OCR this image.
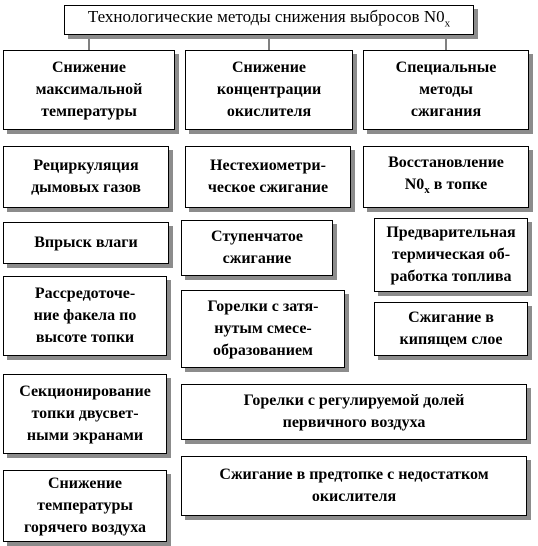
Технологические методы снижения выбросов $N0_x$
Снижение
максимальной
температуры
Снижение
концентрации
окислителя
Специальные
методы
сжигания
Рециркуляция
дымовых газов
Нестехиометри-
ческое сжигание
Восстановление
$N0_x$ в топке
Впрыск влаги	Ступенчатое
сжигание
Предварительная
термическая об-
работка топлива
Рассредоточе-
ние факела по
высоте топки
Горелки с затя-
нутым смесе-
образованием
Сжигание в
кипящем слое
Секционирование
топки двусвет-
ными экранами
Горелки с регулируемой долей
первичного воздуха
Снижение
температуры
горячего воздуха
Сжигание в предтопке с недостатком
окислителя
